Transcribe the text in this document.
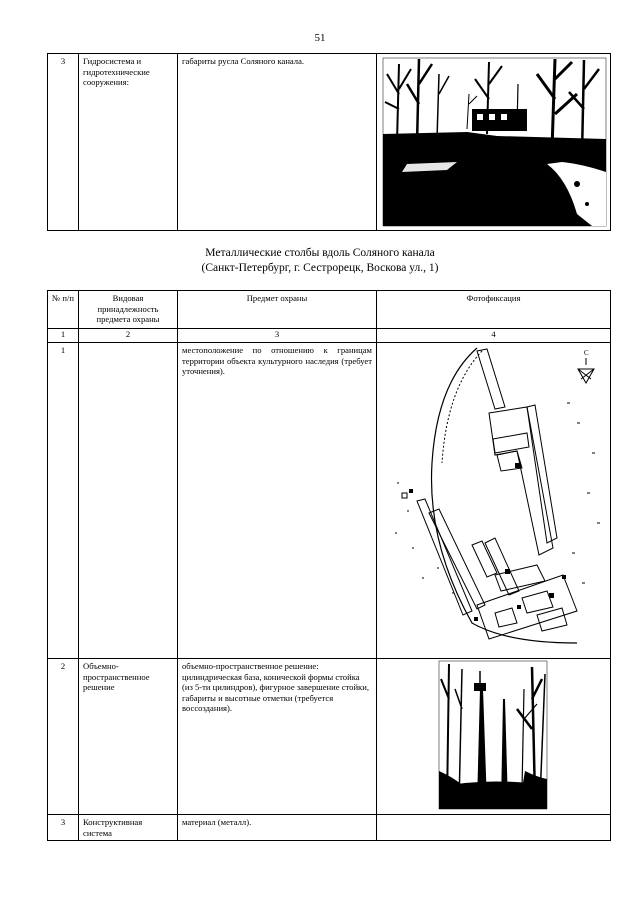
51
3	Гидросистема и гидротехнические сооружения:	габариты русла Соляного канала.	
Металлические столбы вдоль Соляного канала
(Санкт-Петербург, г. Сестрорецк, Воскова ул., 1)
№ п/п	Видовая принадлежность предмета охраны	Предмет охраны	Фотофиксация
1	2	3	4
1		местоположение по отношению к границам территории объекта культурного наследия (требует уточнения).	С

2	Объемно-пространственное решение	объемно-пространственное решение: цилиндрическая база, конической формы стойка (из 5-ти цилиндров), фигурное завершение стойки, габариты и высотные отметки (требуется воссоздания).	

3	Конструктивная система	материал (металл).	
